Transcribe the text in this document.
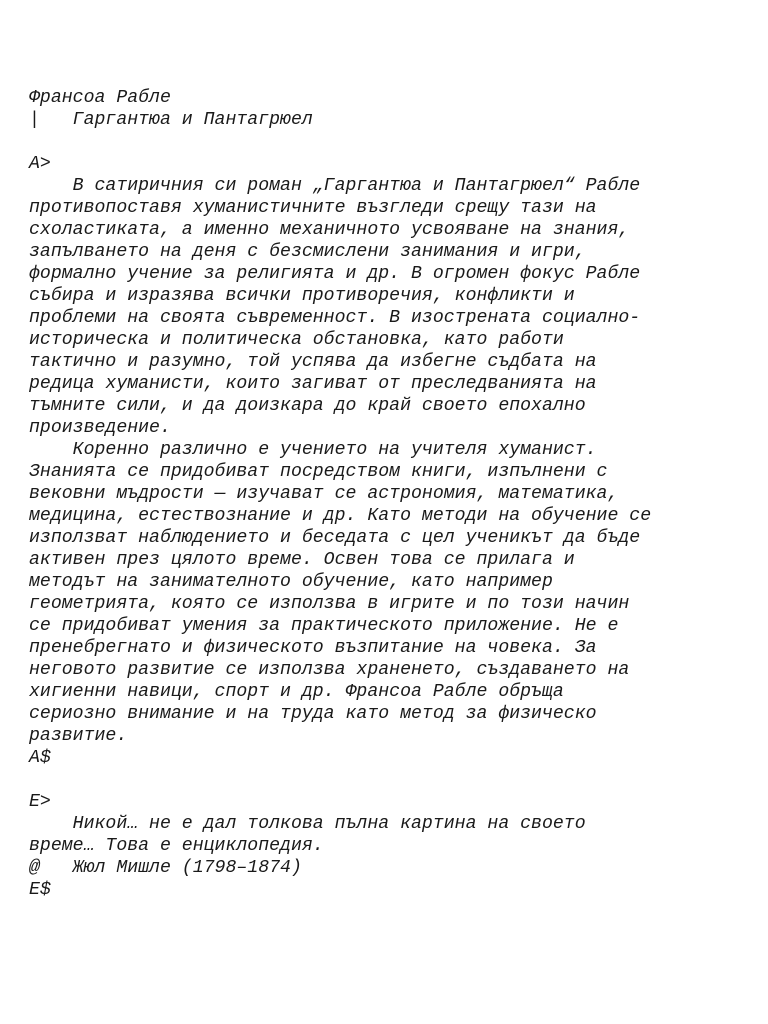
Франсоа Рабле
|   Гаргантюа и Пантагрюел
A>
В сатиричния си роман „Гаргантюа и Пантагрюел“ Рабле
противопоставя хуманистичните възгледи срещу тази на
схоластиката, а именно механичното усвояване на знания,
запълването на деня с безсмислени занимания и игри,
формално учение за религията и др. В огромен фокус Рабле
събира и изразява всички противоречия, конфликти и
проблеми на своята съвременност. В изострената социално-
историческа и политическа обстановка, като работи
тактично и разумно, той успява да избегне съдбата на
редица хуманисти, които загиват от преследванията на
тъмните сили, и да доизкара до край своето епохално
произведение.
Коренно различно е учението на учителя хуманист.
Знанията се придобиват посредством книги, изпълнени с
вековни мъдрости — изучават се астрономия, математика,
медицина, естествознание и др. Като методи на обучение се
използват наблюдението и беседата с цел ученикът да бъде
активен през цялото време. Освен това се прилага и
методът на занимателното обучение, като например
геометрията, която се използва в игрите и по този начин
се придобиват умения за практическото приложение. Не е
пренебрегнато и физическото възпитание на човека. За
неговото развитие се използва храненето, създаването на
хигиенни навици, спорт и др. Франсоа Рабле обръща
сериозно внимание и на труда като метод за физическо
развитие.
A$
E>
Никой… не е дал толкова пълна картина на своето
време… Това е енциклопедия.
@   Жюл Мишле (1798–1874)
E$
